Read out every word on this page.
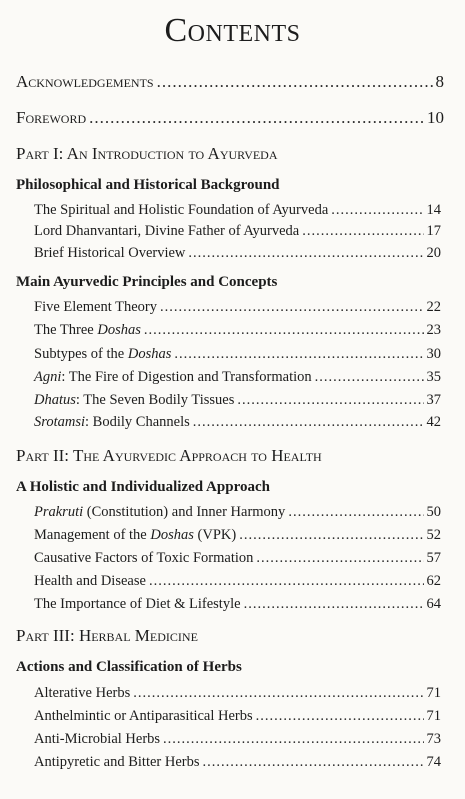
Contents
Acknowledgements .....	8
Foreword .....	10
Part I: An Introduction to Ayurveda
Philosophical and Historical Background
The Spiritual and Holistic Foundation of Ayurveda .....	14
Lord Dhanvantari, Divine Father of Ayurveda .....	17
Brief Historical Overview .....	20
Main Ayurvedic Principles and Concepts
Five Element Theory .....	22
The Three Doshas .....	23
Subtypes of the Doshas .....	30
Agni: The Fire of Digestion and Transformation .....	35
Dhatus: The Seven Bodily Tissues .....	37
Srotamsi: Bodily Channels .....	42
Part II: The Ayurvedic Approach to Health
A Holistic and Individualized Approach
Prakruti (Constitution) and Inner Harmony .....	50
Management of the Doshas (VPK) .....	52
Causative Factors of Toxic Formation .....	57
Health and Disease .....	62
The Importance of Diet & Lifestyle .....	64
Part III: Herbal Medicine
Actions and Classification of Herbs
Alterative Herbs .....	71
Anthelmintic or Antiparasitical Herbs .....	71
Anti-Microbial Herbs .....	73
Antipyretic and Bitter Herbs .....	74
